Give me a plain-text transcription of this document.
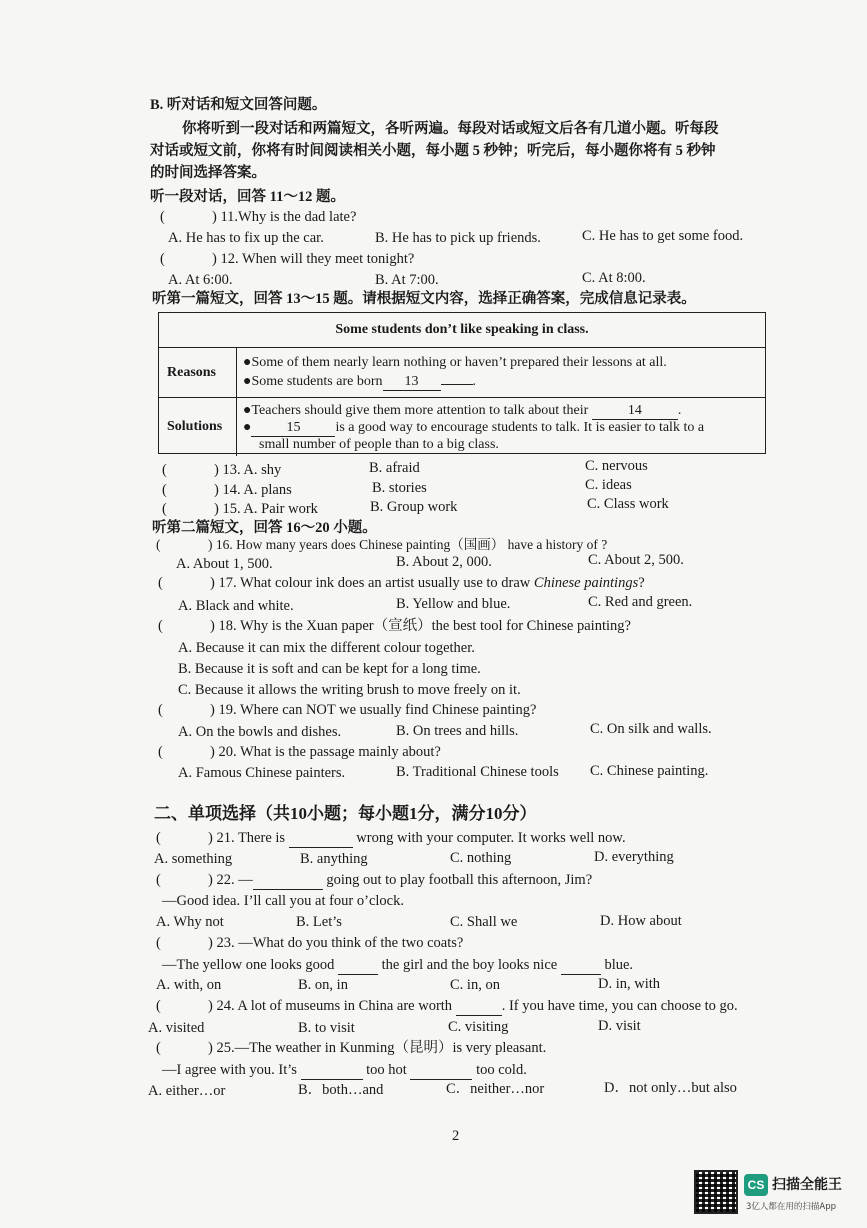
B. 听对话和短文回答问题。
你将听到一段对话和两篇短文，各听两遍。每段对话或短文后各有几道小题。听每段
对话或短文前，你将有时间阅读相关小题，每小题 5 秒钟；听完后，每小题你将有 5 秒钟
的时间选择答案。
听一段对话，回答 11～12 题。
(	) 11.Why is the dad late?
A. He has to fix up the car.	B. He has to pick up friends.	C. He has to get some food.
(	) 12. When will they meet tonight?
A. At 6:00.	B. At 7:00.	C. At 8:00.
听第一篇短文，回答 13～15 题。请根据短文内容，选择正确答案，完成信息记录表。
Some students don’t like speaking in class.
Reasons
●Some of them nearly learn nothing or haven’t prepared their lessons at all.
●Some students are born 13	.
Solutions
●Teachers should give them more attention to talk about their	14	.
●	15	is a good way to encourage students to talk. It is easier to talk to a
small number of people than to a big class.
(	) 13. A. shy	B. afraid	C. nervous
(	) 14. A. plans	B. stories	C. ideas
(	) 15. A. Pair work	B. Group work	C. Class work
听第二篇短文，回答 16～20 小题。
(	) 16. How many years does Chinese painting（国画） have a history of ?
A. About 1, 500.	B. About 2, 000.	C. About 2, 500.
(	) 17. What colour ink does an artist usually use to draw Chinese paintings?
A. Black and white.	B. Yellow and blue.	C. Red and green.
(	) 18. Why is the Xuan paper（宣纸）the best tool for Chinese painting?
A. Because it can mix the different colour together.
B. Because it is soft and can be kept for a long time.
C. Because it allows the writing brush to move freely on it.
(	) 19. Where can NOT we usually find Chinese painting?
A. On the bowls and dishes.	B. On trees and hills.	C. On silk and walls.
(	) 20. What is the passage mainly about?
A. Famous Chinese painters.	B. Traditional Chinese tools C. Chinese painting.
二、单项选择（共10小题；每小题1分，满分10分）
(	) 21. There is	wrong with your computer. It works well now.
A. something	B. anything	C. nothing	D. everything
(	) 22. —	going out to play football this afternoon, Jim?
—Good idea. I’ll call you at four o’clock.
A. Why not	B. Let’s	C. Shall we	D. How about
(	) 23. —What do you think of the two coats?
—The yellow one looks good	the girl and the boy looks nice	blue.
A. with, on	B. on, in	C. in, on	D. in, with
(	) 24. A lot of museums in China are worth	. If you have time, you can choose to go.
A. visited	B. to visit	C. visiting	D. visit
(	) 25.—The weather in Kunming（昆明）is very pleasant.
—I agree with you. It’s	too hot	too cold.
A. either…or	B．both…and	C．neither…nor	D．not only…but also
2
CS 扫描全能王
3亿人都在用的扫描App
